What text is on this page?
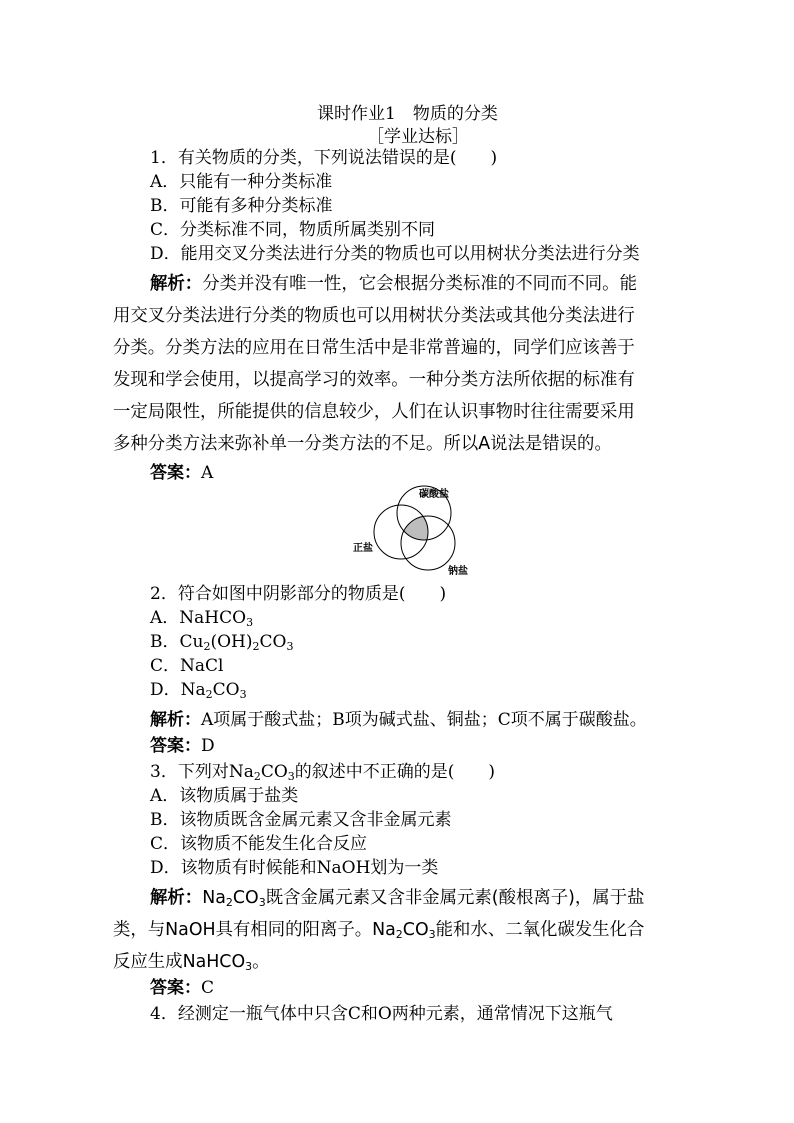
课时作业1　物质的分类
［学业达标］
1．有关物质的分类，下列说法错误的是(　　)
A．只能有一种分类标准
B．可能有多种分类标准
C．分类标准不同，物质所属类别不同
D．能用交叉分类法进行分类的物质也可以用树状分类法进行分类
解析：分类并没有唯一性，它会根据分类标准的不同而不同。能
用交叉分类法进行分类的物质也可以用树状分类法或其他分类法进行
分类。分类方法的应用在日常生活中是非常普遍的，同学们应该善于
发现和学会使用，以提高学习的效率。一种分类方法所依据的标准有
一定局限性，所能提供的信息较少，人们在认识事物时往往需要采用
多种分类方法来弥补单一分类方法的不足。所以A说法是错误的。
答案：A
碳酸盐
正盐
钠盐
2．符合如图中阴影部分的物质是(　　)
A．NaHCO$_3$
B．$Cu_2(OH)_2CO_3$
C．NaCl
D．$Na_2CO_3$
解析：A项属于酸式盐；B项为碱式盐、铜盐；C项不属于碳酸盐。
答案：D
3．下列对$Na_2CO_3$的叙述中不正确的是(　　)
A．该物质属于盐类
B．该物质既含金属元素又含非金属元素
C．该物质不能发生化合反应
D．该物质有时候能和NaOH划为一类
解析：$Na_2CO_3$既含金属元素又含非金属元素(酸根离子)，属于盐
类，与NaOH具有相同的阳离子。$Na_2CO_3$能和水、二氧化碳发生化合
反应生成NaHCO$_3$。
答案：C
4．经测定一瓶气体中只含C和O两种元素，通常情况下这瓶气
